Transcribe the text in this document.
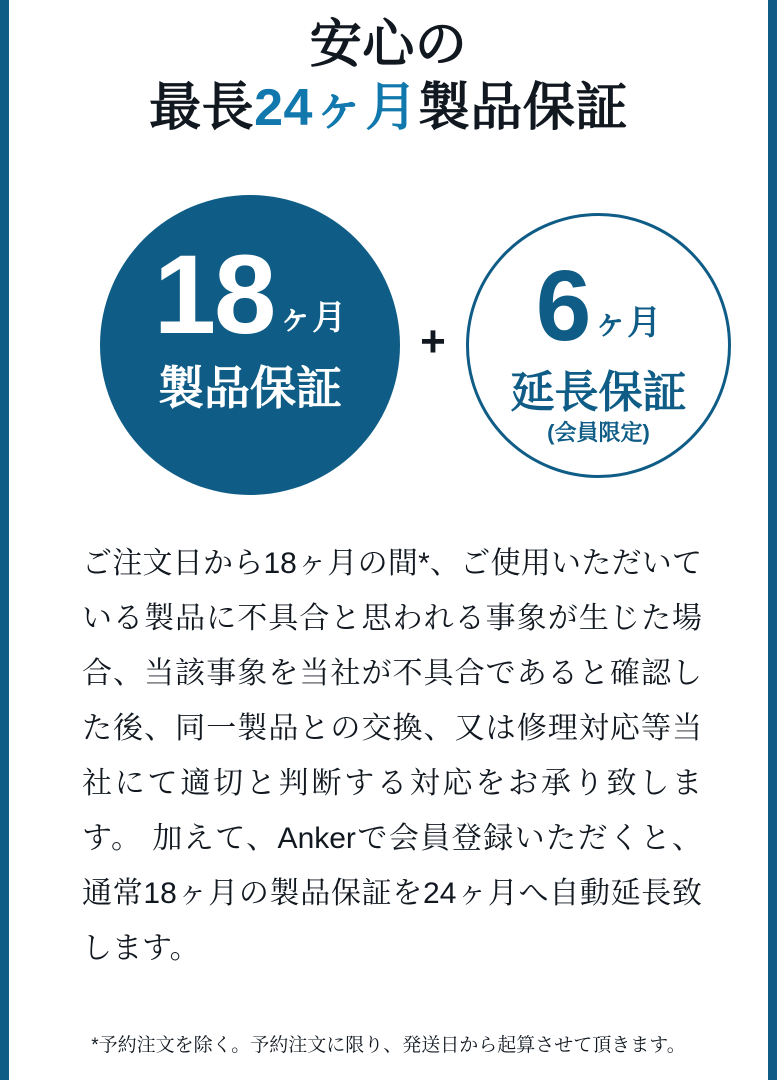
安心の
最長24ヶ月製品保証
18 ヶ月
製品保証
+ 6 ヶ月
延長保証
(会員限定)
ご注文日から18ヶ月の間*、ご使用いただいている製品に不具合と思われる事象が生じた場合、当該事象を当社が不具合であると確認した後、同一製品との交換、又は修理対応等当社にて適切と判断する対応をお承り致します。 加えて、Ankerで会員登録いただくと、通常18ヶ月の製品保証を24ヶ月へ自動延長致します。
*予約注文を除く。予約注文に限り、発送日から起算させて頂きます。
